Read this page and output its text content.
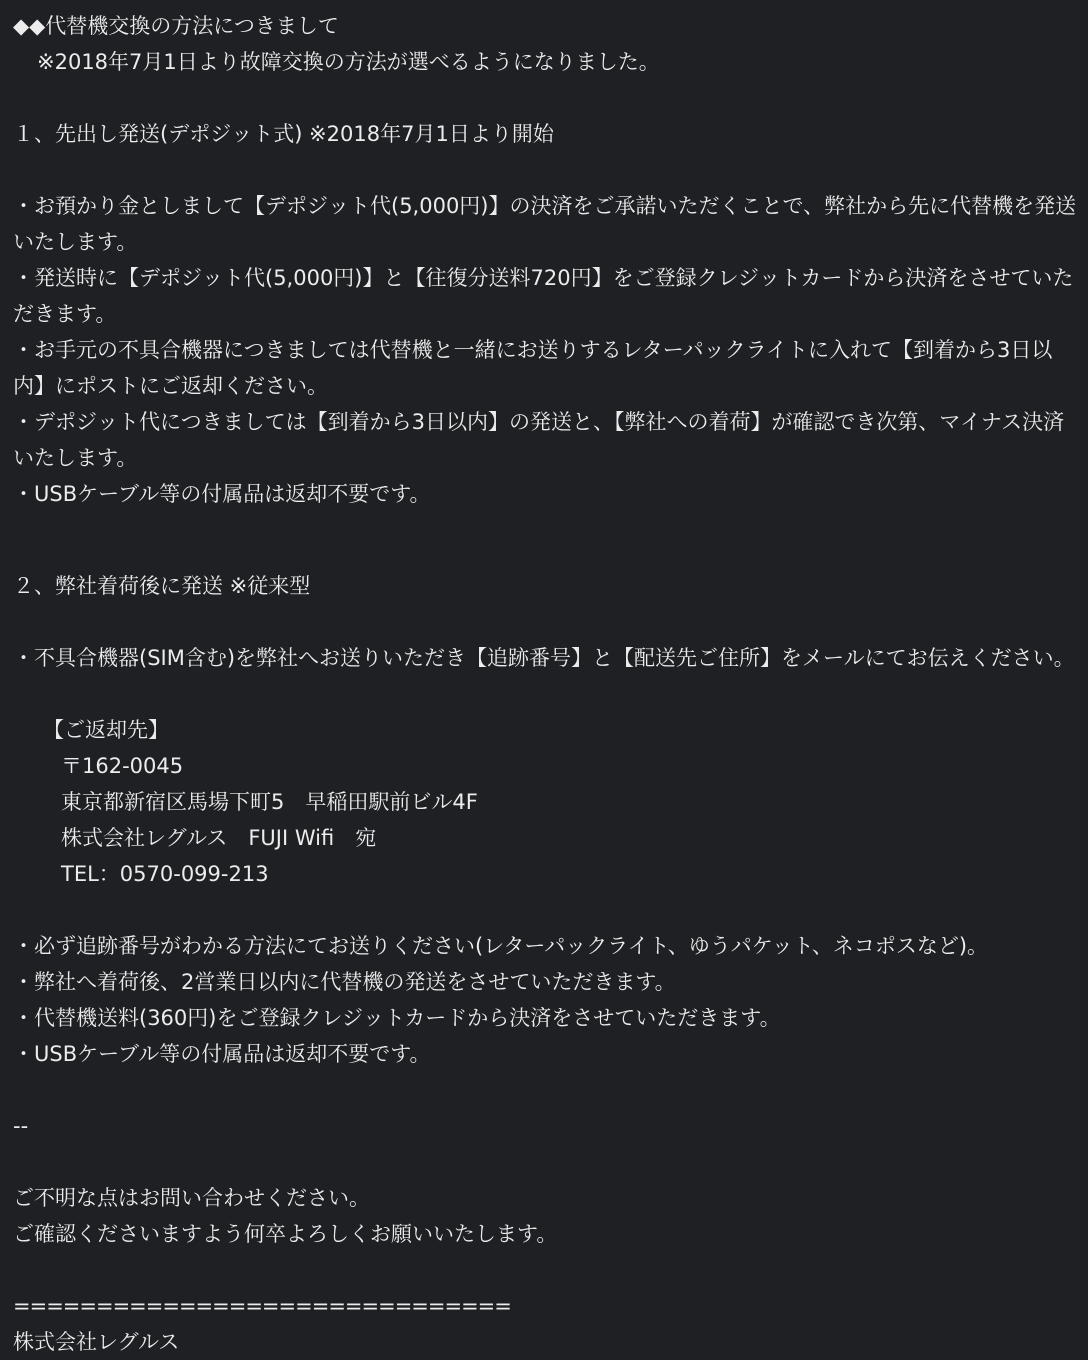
◆◆代替機交換の方法につきまして
※2018年7月1日より故障交換の方法が選べるようになりました。
１、先出し発送(デポジット式) ※2018年7月1日より開始
・お預かり金としまして【デポジット代(5,000円)】の決済をご承諾いただくことで、弊社から先に代替機を発送いたします。
・発送時に【デポジット代(5,000円)】と【往復分送料720円】をご登録クレジットカードから決済をさせていただきます。
・お手元の不具合機器につきましては代替機と一緒にお送りするレターパックライトに入れて【到着から3日以内】にポストにご返却ください。
・デポジット代につきましては【到着から3日以内】の発送と、【弊社への着荷】が確認でき次第、マイナス決済いたします。
・USBケーブル等の付属品は返却不要です。
２、弊社着荷後に発送 ※従来型
・不具合機器(SIM含む)を弊社へお送りいただき【追跡番号】と【配送先ご住所】をメールにてお伝えください。
【ご返却先】
〒162-0045
東京都新宿区馬場下町5　早稲田駅前ビル4F
株式会社レグルス　FUJI Wifi　宛
TEL：0570-099-213
・必ず追跡番号がわかる方法にてお送りください(レターパックライト、ゆうパケット、ネコポスなど)。
・弊社へ着荷後、2営業日以内に代替機の発送をさせていただきます。
・代替機送料(360円)をご登録クレジットカードから決済をさせていただきます。
・USBケーブル等の付属品は返却不要です。
--
ご不明な点はお問い合わせください。
ご確認くださいますよう何卒よろしくお願いいたします。
==============================
株式会社レグルス
